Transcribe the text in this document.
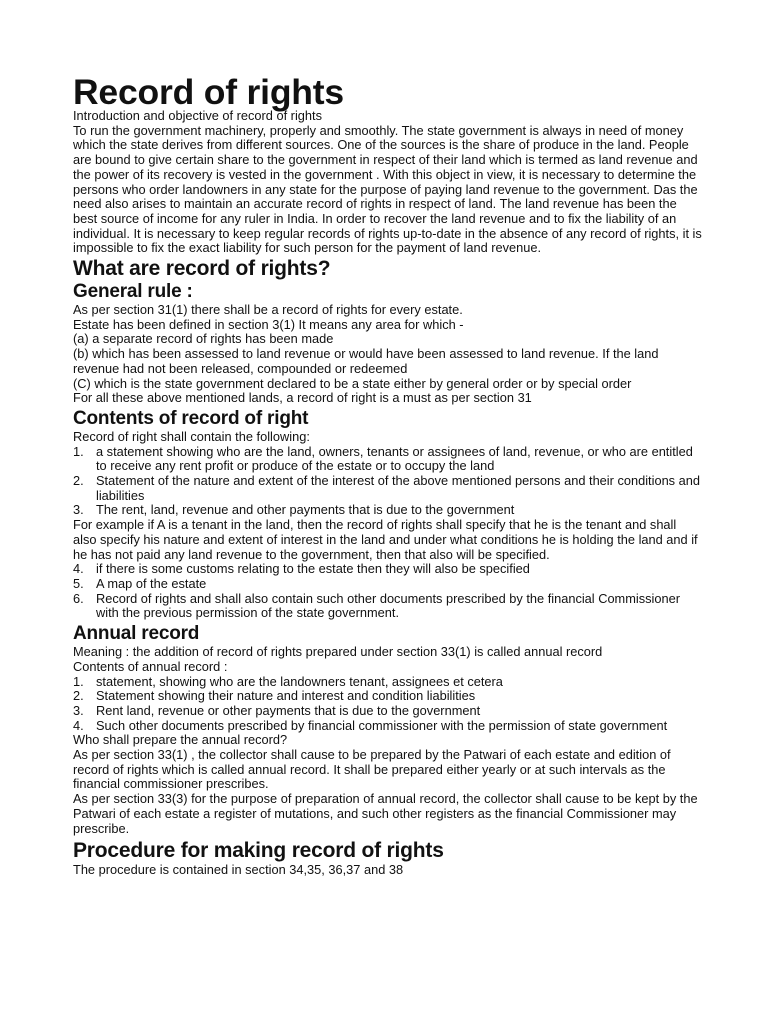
Record of rights

Introduction and objective of record of rights

To run the government machinery, properly and smoothly. The state government is always in need of money which the state derives from different sources. One of the sources is the share of produce in the land. People are bound to give certain share to the government in respect of their land which is termed as land revenue and the power of its recovery is vested in the government . With this object in view, it is necessary to determine the persons who order landowners in any state for the purpose of paying land revenue to the government. Das the need also arises to maintain an accurate record of rights in respect of land. The land revenue has been the best source of income for any ruler in India. In order to recover the land revenue and to fix the liability of an individual. It is necessary to keep regular records of rights up-to-date in the absence of any record of rights, it is impossible to fix the exact liability for such person for the payment of land revenue.

What are record of rights?
General rule :

As per section 31(1) there shall be a record of rights for every estate.

Estate has been defined in section 3(1) It means any area for which -

(a) a separate record of rights has been made

(b) which has been assessed to land revenue or would have been assessed to land revenue. If the land revenue had not been released, compounded or redeemed

(C) which is the state government declared to be a state either by general order or by special order

For all these above mentioned lands, a record of right is a must as per section 31

Contents of record of right

Record of right shall contain the following:

1. a statement showing who are the land, owners, tenants or assignees of land, revenue, or who are entitled to receive any rent profit or produce of the estate or to occupy the land
2. Statement of the nature and extent of the interest of the above mentioned persons and their conditions and liabilities
3. The rent, land, revenue and other payments that is due to the government

For example if A is a tenant in the land, then the record of rights shall specify that he is the tenant and shall also specify his nature and extent of interest in the land and under what conditions he is holding the land and if he has not paid any land revenue to the government, then that also will be specified.

4. if there is some customs relating to the estate then they will also be specified
5. A map of the estate
6. Record of rights and shall also contain such other documents prescribed by the financial Commissioner with the previous permission of the state government.
Annual record

Meaning : the addition of record of rights prepared under section 33(1) is called annual record

Contents of annual record :

1. statement, showing who are the landowners tenant, assignees et cetera
2. Statement showing their nature and interest and condition liabilities
3. Rent land, revenue or other payments that is due to the government
4. Such other documents prescribed by financial commissioner with the permission of state government

Who shall prepare the annual record?

As per section 33(1) , the collector shall cause to be prepared by the Patwari of each estate and edition of record of rights which is called annual record. It shall be prepared either yearly or at such intervals as the financial commissioner prescribes.

As per section 33(3) for the purpose of preparation of annual record, the collector shall cause to be kept by the Patwari of each estate a register of mutations, and such other registers as the financial Commissioner may prescribe.

Procedure for making record of rights

The procedure is contained in section 34,35, 36,37 and 38
